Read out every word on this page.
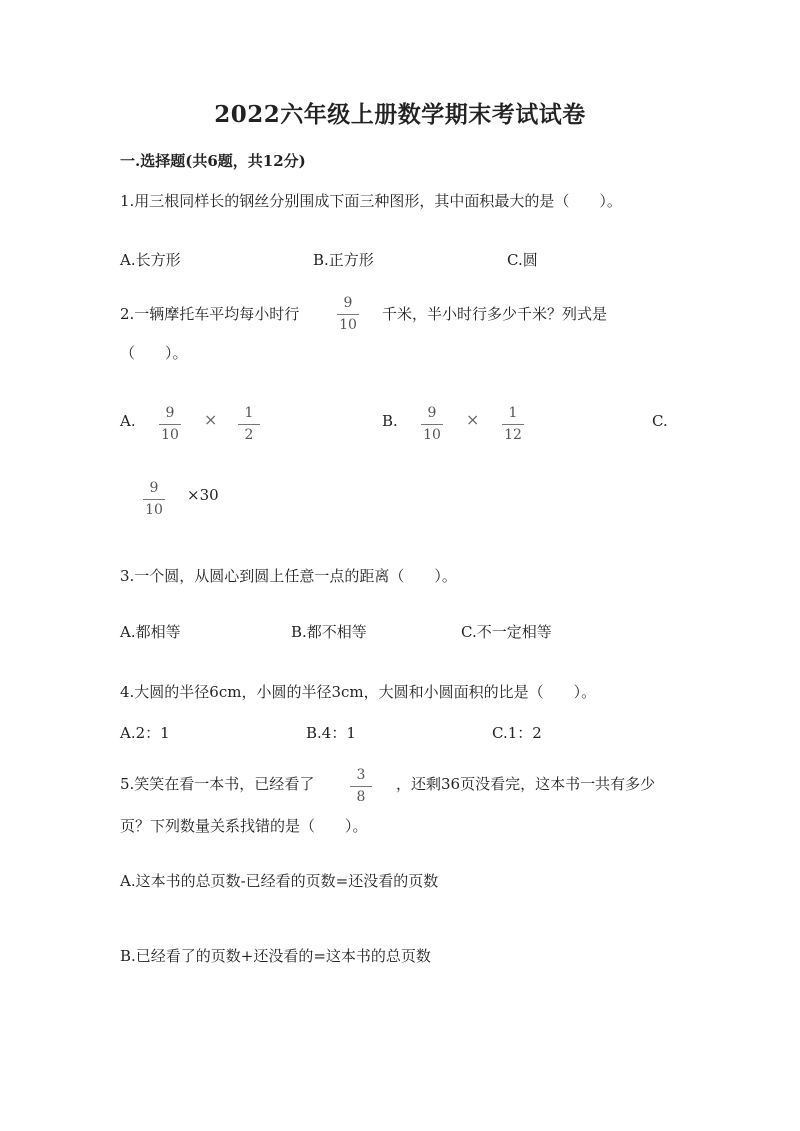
2022六年级上册数学期末考试试卷
一.选择题(共6题，共12分)
1.用三根同样长的钢丝分别围成下面三种图形，其中面积最大的是（　　）。
A.长方形	B.正方形	C.圆
2.一辆摩托车平均每小时行
9
10
千米，半小时行多少千米？列式是
（　　）。
A. 9
10
× 1
2
B. 9
10
× 1
12
C.
9
10
×30
3.一个圆，从圆心到圆上任意一点的距离（　　）。
A.都相等	B.都不相等	C.不一定相等
4.大圆的半径6cm，小圆的半径3cm，大圆和小圆面积的比是（　　）。
A.2：1	B.4：1	C.1：2
5.笑笑在看一本书，已经看了	3
8
，还剩36页没看完，这本书一共有多少
页？下列数量关系找错的是（　　）。
A.这本书的总页数-已经看的页数=还没看的页数
B.已经看了的页数+还没看的=这本书的总页数
